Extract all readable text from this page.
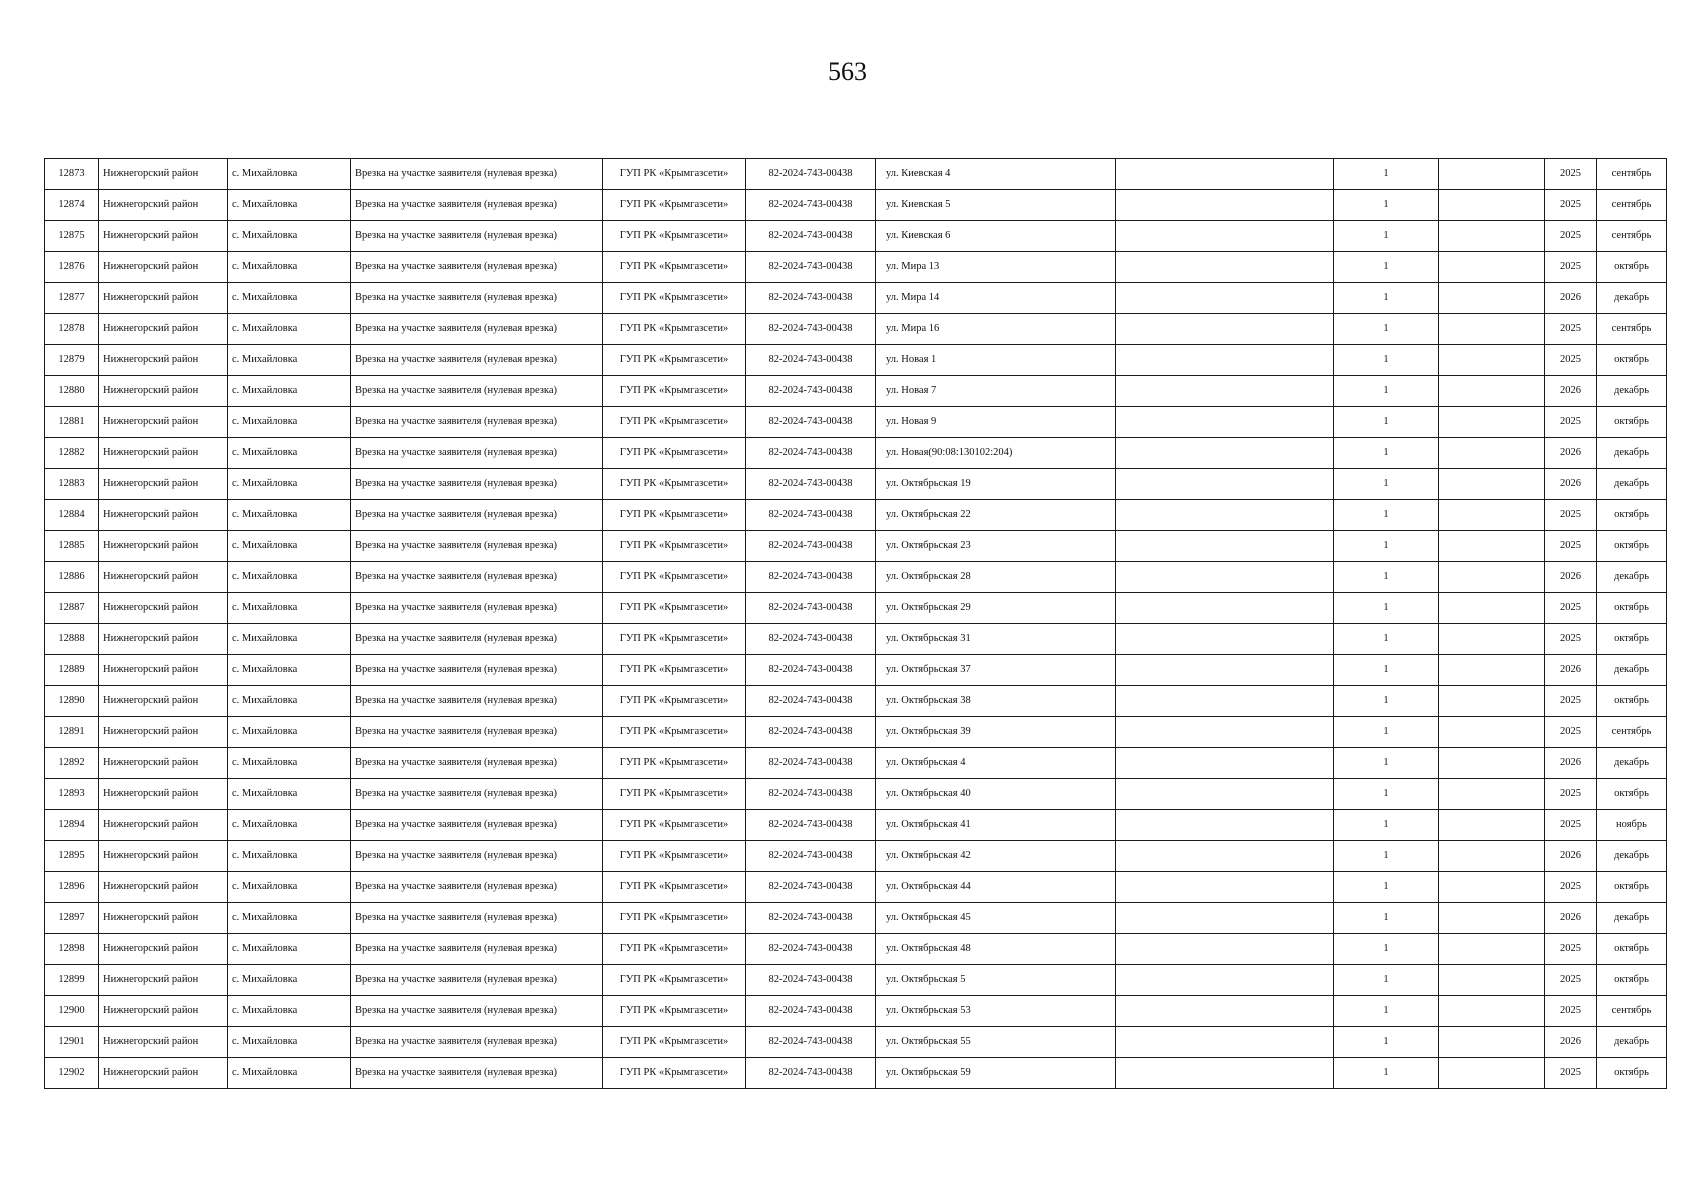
563
12873	Нижнегорский район	с. Михайловка	Врезка на участке заявителя (нулевая врезка)	ГУП РК «Крымгазсети»	82-2024-743-00438	ул. Киевская 4		1		2025	сентябрь
12874	Нижнегорский район	с. Михайловка	Врезка на участке заявителя (нулевая врезка)	ГУП РК «Крымгазсети»	82-2024-743-00438	ул. Киевская 5		1		2025	сентябрь
12875	Нижнегорский район	с. Михайловка	Врезка на участке заявителя (нулевая врезка)	ГУП РК «Крымгазсети»	82-2024-743-00438	ул. Киевская 6		1		2025	сентябрь
12876	Нижнегорский район	с. Михайловка	Врезка на участке заявителя (нулевая врезка)	ГУП РК «Крымгазсети»	82-2024-743-00438	ул. Мира 13		1		2025	октябрь
12877	Нижнегорский район	с. Михайловка	Врезка на участке заявителя (нулевая врезка)	ГУП РК «Крымгазсети»	82-2024-743-00438	ул. Мира 14		1		2026	декабрь
12878	Нижнегорский район	с. Михайловка	Врезка на участке заявителя (нулевая врезка)	ГУП РК «Крымгазсети»	82-2024-743-00438	ул. Мира 16		1		2025	сентябрь
12879	Нижнегорский район	с. Михайловка	Врезка на участке заявителя (нулевая врезка)	ГУП РК «Крымгазсети»	82-2024-743-00438	ул. Новая 1		1		2025	октябрь
12880	Нижнегорский район	с. Михайловка	Врезка на участке заявителя (нулевая врезка)	ГУП РК «Крымгазсети»	82-2024-743-00438	ул. Новая 7		1		2026	декабрь
12881	Нижнегорский район	с. Михайловка	Врезка на участке заявителя (нулевая врезка)	ГУП РК «Крымгазсети»	82-2024-743-00438	ул. Новая 9		1		2025	октябрь
12882	Нижнегорский район	с. Михайловка	Врезка на участке заявителя (нулевая врезка)	ГУП РК «Крымгазсети»	82-2024-743-00438	ул. Новая(90:08:130102:204)		1		2026	декабрь
12883	Нижнегорский район	с. Михайловка	Врезка на участке заявителя (нулевая врезка)	ГУП РК «Крымгазсети»	82-2024-743-00438	ул. Октябрьская 19		1		2026	декабрь
12884	Нижнегорский район	с. Михайловка	Врезка на участке заявителя (нулевая врезка)	ГУП РК «Крымгазсети»	82-2024-743-00438	ул. Октябрьская 22		1		2025	октябрь
12885	Нижнегорский район	с. Михайловка	Врезка на участке заявителя (нулевая врезка)	ГУП РК «Крымгазсети»	82-2024-743-00438	ул. Октябрьская 23		1		2025	октябрь
12886	Нижнегорский район	с. Михайловка	Врезка на участке заявителя (нулевая врезка)	ГУП РК «Крымгазсети»	82-2024-743-00438	ул. Октябрьская 28		1		2026	декабрь
12887	Нижнегорский район	с. Михайловка	Врезка на участке заявителя (нулевая врезка)	ГУП РК «Крымгазсети»	82-2024-743-00438	ул. Октябрьская 29		1		2025	октябрь
12888	Нижнегорский район	с. Михайловка	Врезка на участке заявителя (нулевая врезка)	ГУП РК «Крымгазсети»	82-2024-743-00438	ул. Октябрьская 31		1		2025	октябрь
12889	Нижнегорский район	с. Михайловка	Врезка на участке заявителя (нулевая врезка)	ГУП РК «Крымгазсети»	82-2024-743-00438	ул. Октябрьская 37		1		2026	декабрь
12890	Нижнегорский район	с. Михайловка	Врезка на участке заявителя (нулевая врезка)	ГУП РК «Крымгазсети»	82-2024-743-00438	ул. Октябрьская 38		1		2025	октябрь
12891	Нижнегорский район	с. Михайловка	Врезка на участке заявителя (нулевая врезка)	ГУП РК «Крымгазсети»	82-2024-743-00438	ул. Октябрьская 39		1		2025	сентябрь
12892	Нижнегорский район	с. Михайловка	Врезка на участке заявителя (нулевая врезка)	ГУП РК «Крымгазсети»	82-2024-743-00438	ул. Октябрьская 4		1		2026	декабрь
12893	Нижнегорский район	с. Михайловка	Врезка на участке заявителя (нулевая врезка)	ГУП РК «Крымгазсети»	82-2024-743-00438	ул. Октябрьская 40		1		2025	октябрь
12894	Нижнегорский район	с. Михайловка	Врезка на участке заявителя (нулевая врезка)	ГУП РК «Крымгазсети»	82-2024-743-00438	ул. Октябрьская 41		1		2025	ноябрь
12895	Нижнегорский район	с. Михайловка	Врезка на участке заявителя (нулевая врезка)	ГУП РК «Крымгазсети»	82-2024-743-00438	ул. Октябрьская 42		1		2026	декабрь
12896	Нижнегорский район	с. Михайловка	Врезка на участке заявителя (нулевая врезка)	ГУП РК «Крымгазсети»	82-2024-743-00438	ул. Октябрьская 44		1		2025	октябрь
12897	Нижнегорский район	с. Михайловка	Врезка на участке заявителя (нулевая врезка)	ГУП РК «Крымгазсети»	82-2024-743-00438	ул. Октябрьская 45		1		2026	декабрь
12898	Нижнегорский район	с. Михайловка	Врезка на участке заявителя (нулевая врезка)	ГУП РК «Крымгазсети»	82-2024-743-00438	ул. Октябрьская 48		1		2025	октябрь
12899	Нижнегорский район	с. Михайловка	Врезка на участке заявителя (нулевая врезка)	ГУП РК «Крымгазсети»	82-2024-743-00438	ул. Октябрьская 5		1		2025	октябрь
12900	Нижнегорский район	с. Михайловка	Врезка на участке заявителя (нулевая врезка)	ГУП РК «Крымгазсети»	82-2024-743-00438	ул. Октябрьская 53		1		2025	сентябрь
12901	Нижнегорский район	с. Михайловка	Врезка на участке заявителя (нулевая врезка)	ГУП РК «Крымгазсети»	82-2024-743-00438	ул. Октябрьская 55		1		2026	декабрь
12902	Нижнегорский район	с. Михайловка	Врезка на участке заявителя (нулевая врезка)	ГУП РК «Крымгазсети»	82-2024-743-00438	ул. Октябрьская 59		1		2025	октябрь
